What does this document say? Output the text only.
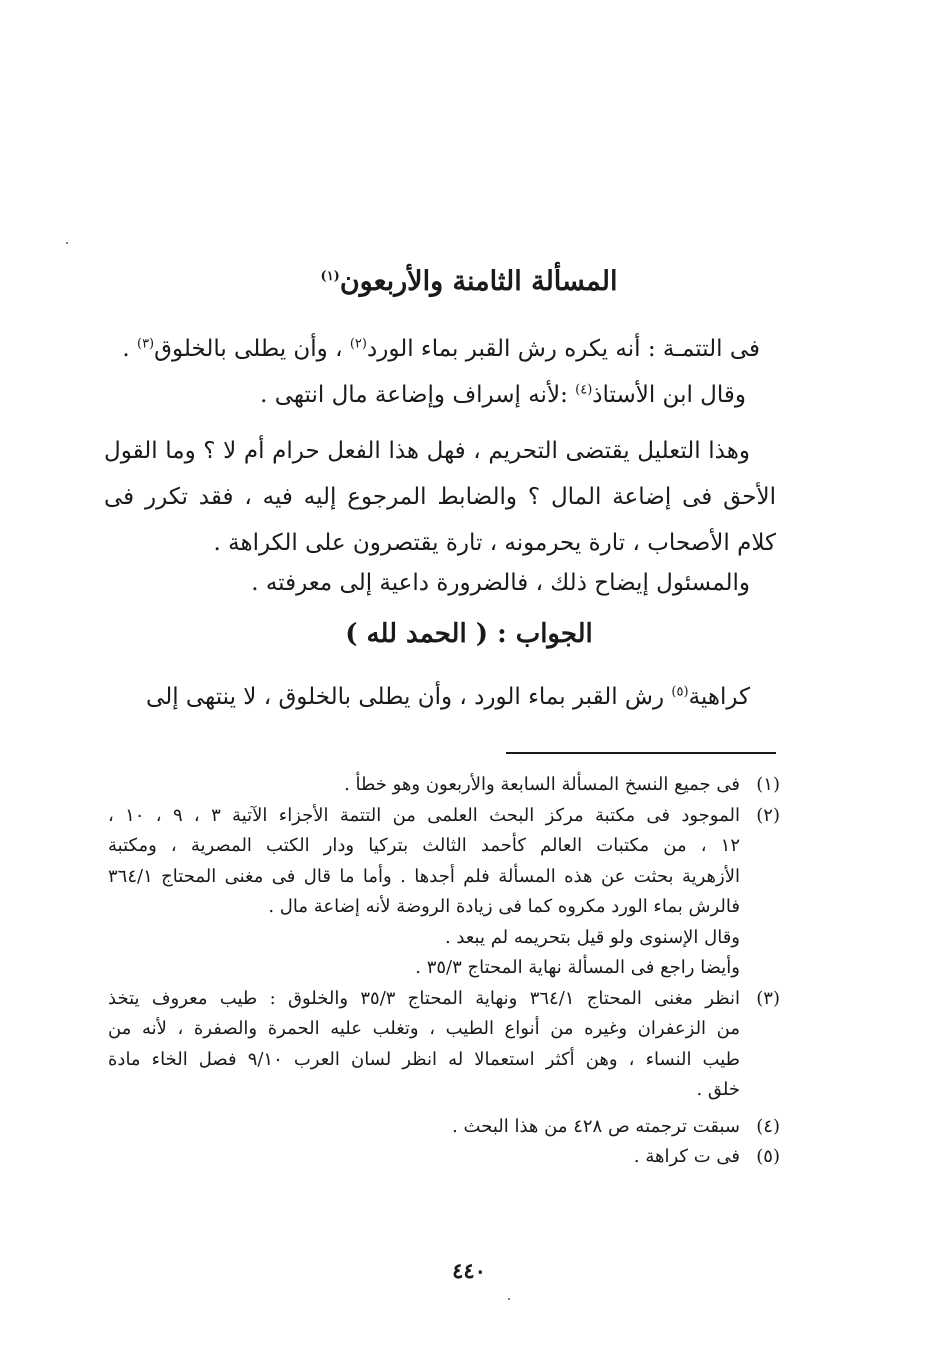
المسألة الثامنة والأربعون$^{(١)}$

فى التتمـة : أنه يكره رش القبر بماء الورد$^{(٢)}$ ، وأن يطلى بالخلوق$^{(٣)}$ .

وقال ابن الأستاذ$^{(٤)}$ :لأنه إسراف وإضاعة مال انتهى .

وهذا التعليل يقتضى التحريم ، فهل هذا الفعل حرام أم لا ؟ وما القول الأحق فى إضاعة المال ؟ والضابط المرجوع إليه فيه ، فقد تكرر فى كلام الأصحاب ، تارة يحرمونه ، تارة يقتصرون على الكراهة .

والمسئول إيضاح ذلك ، فالضرورة داعية إلى معرفته .

الجواب : ( الحمد لله )

كراهية$^{(٥)}$ رش القبر بماء الورد ، وأن يطلى بالخلوق ، لا ينتهى إلى

(١)
فى جميع النسخ المسألة السابعة والأربعون وهو خطأ .
(٢)
الموجود فى مكتبة مركز البحث العلمى من التتمة الأجزاء الآتية ٣ ، ٩ ، ١٠ ،
١٢ ، من مكتبات العالم كأحمد الثالث بتركيا ودار الكتب المصرية ، ومكتبة
الأزهرية بحثت عن هذه المسألة فلم أجدها . وأما ما قال فى مغنى المحتاج ٣٦٤/١
فالرش بماء الورد مكروه كما فى زيادة الروضة لأنه إضاعة مال .
وقال الإسنوى ولو قيل بتحريمه لم يبعد .
وأيضا راجع فى المسألة نهاية المحتاج ٣٥/٣ .
(٣)
انظر مغنى المحتاج ٣٦٤/١ ونهاية المحتاج ٣٥/٣ والخلوق : طيب معروف يتخذ
من الزعفران وغيره من أنواع الطيب ، وتغلب عليه الحمرة والصفرة ، لأنه من
طيب النساء ، وهن أكثر استعمالا له انظر لسان العرب ٩/١٠ فصل الخاء مادة
خلق .
(٤)
سبقت ترجمته ص ٤٢٨ من هذا البحث .
(٥)
فى ت كراهة .
٤٤٠
